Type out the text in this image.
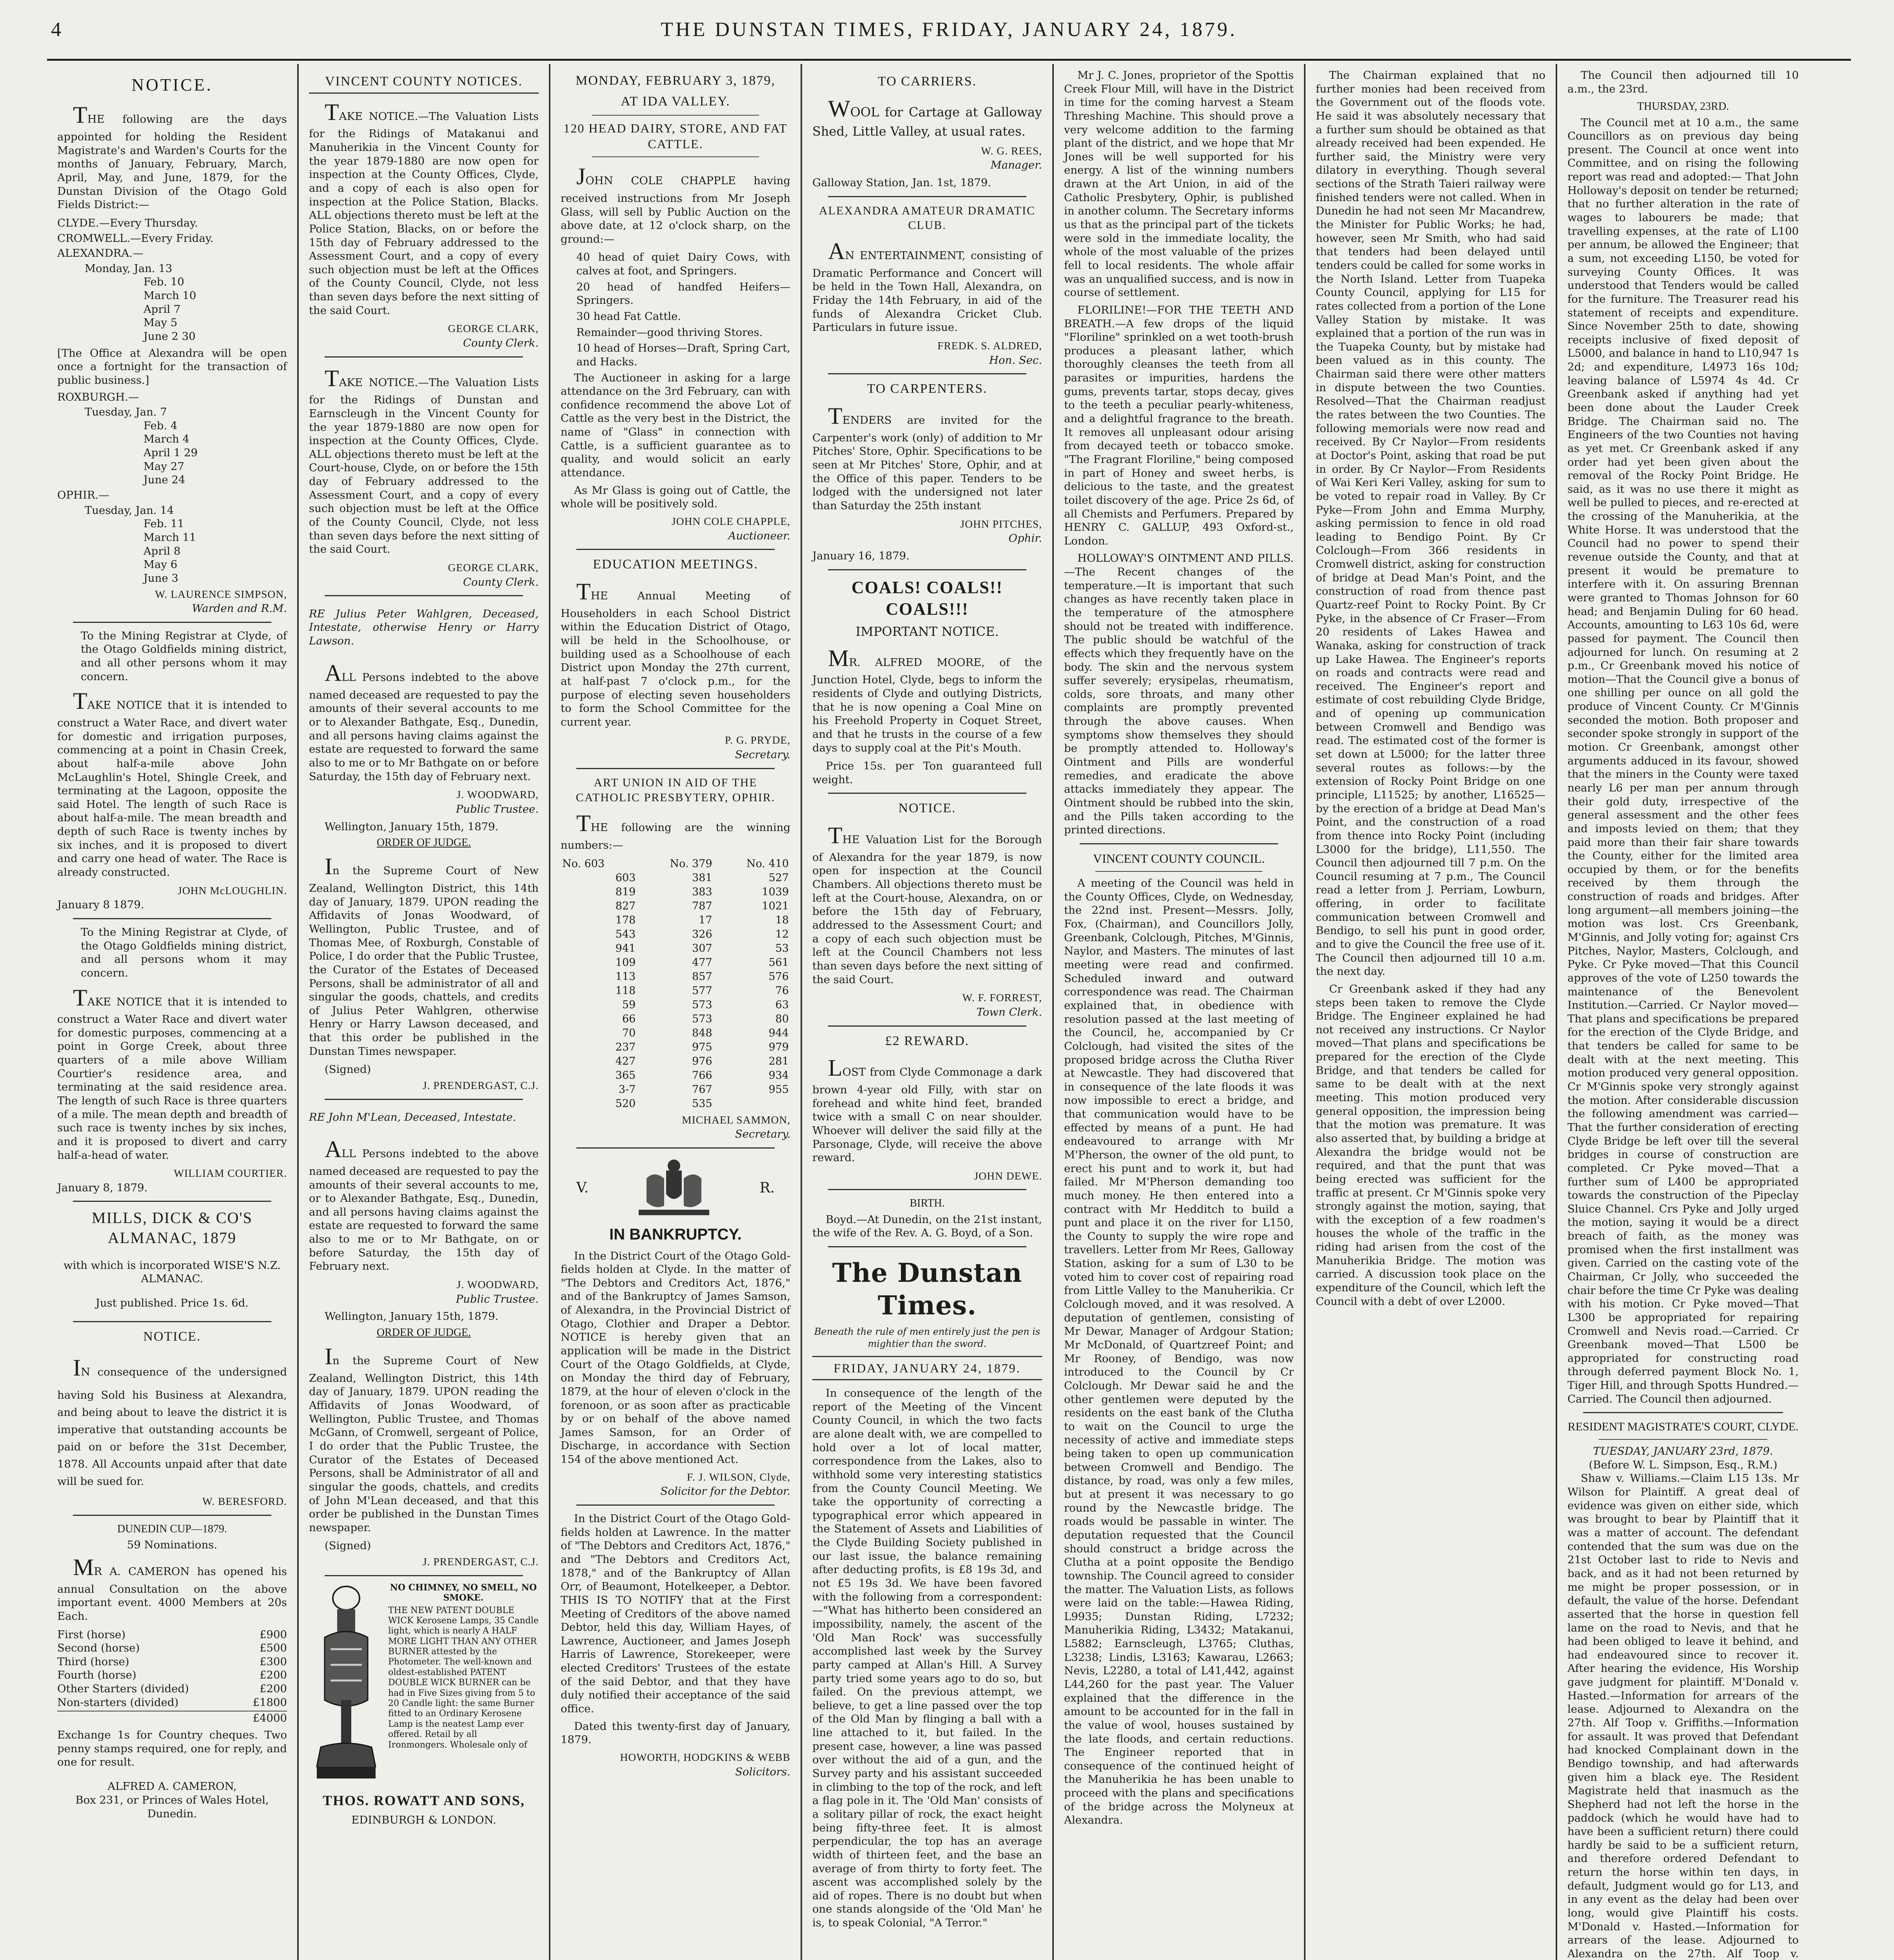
4	THE DUNSTAN TIMES, FRIDAY, JANUARY 24, 1879.
NOTICE.

THE following are the days appointed for holding the Resident Magistrate's and Warden's Courts for the months of January, February, March, April, May, and June, 1879, for the Dunstan Division of the Otago Gold Fields District:—

CLYDE.—Every Thursday.

CROMWELL.—Every Friday.

ALEXANDRA.—

Monday, Jan. 13
Feb. 10
March 10
April 7
May 5
June 2 30

[The Office at Alexandra will be open once a fortnight for the transaction of public business.]

ROXBURGH.—

Tuesday, Jan. 7
Feb. 4
March 4
April 1 29
May 27
June 24

OPHIR.—

Tuesday, Jan. 14
Feb. 11
March 11
April 8
May 6
June 3
W. LAURENCE SIMPSON,
Warden and R.M.

To the Mining Registrar at Clyde, of the Otago Goldfields mining district, and all other persons whom it may concern.

TAKE NOTICE that it is intended to construct a Water Race, and divert water for domestic and irrigation purposes, commencing at a point in Chasin Creek, about half-a-mile above John McLaughlin's Hotel, Shingle Creek, and terminating at the Lagoon, opposite the said Hotel. The length of such Race is about half-a-mile. The mean breadth and depth of such Race is twenty inches by six inches, and it is proposed to divert and carry one head of water. The Race is already constructed.

JOHN McLOUGHLIN.
January 8 1879.

To the Mining Registrar at Clyde, of the Otago Goldfields mining district, and all persons whom it may concern.

TAKE NOTICE that it is intended to construct a Water Race and divert water for domestic purposes, commencing at a point in Gorge Creek, about three quarters of a mile above William Courtier's residence area, and terminating at the said residence area. The length of such Race is three quarters of a mile. The mean depth and breadth of such race is twenty inches by six inches, and it is proposed to divert and carry half-a-head of water.

WILLIAM COURTIER.
January 8, 1879.
MILLS, DICK & CO'S ALMANAC, 1879

with which is incorporated WISE'S N.Z. ALMANAC.

Just published. Price 1s. 6d.

NOTICE.

IN consequence of the undersigned having Sold his Business at Alexandra, and being about to leave the district it is imperative that outstanding accounts be paid on or before the 31st December, 1878. All Accounts unpaid after that date will be sued for.

W. BERESFORD.
DUNEDIN CUP—1879.

59 Nominations.

MR A. CAMERON has opened his annual Consultation on the above important event. 4000 Members at 20s Each.

First (horse)	£900
Second (horse)	£500
Third (horse)	£300
Fourth (horse)	£200
Other Starters (divided)	£200
Non-starters (divided)	£1800
£4000

Exchange 1s for Country cheques. Two penny stamps required, one for reply, and one for result.

ALFRED A. CAMERON,
Box 231, or Princes of Wales Hotel, Dunedin.
VINCENT COUNTY NOTICES.

TAKE NOTICE.—The Valuation Lists for the Ridings of Matakanui and Manuherikia in the Vincent County for the year 1879-1880 are now open for inspection at the County Offices, Clyde, and a copy of each is also open for inspection at the Police Station, Blacks. ALL objections thereto must be left at the Police Station, Blacks, on or before the 15th day of February addressed to the Assessment Court, and a copy of every such objection must be left at the Offices of the County Council, Clyde, not less than seven days before the next sitting of the said Court.

GEORGE CLARK,
County Clerk.

TAKE NOTICE.—The Valuation Lists for the Ridings of Dunstan and Earnscleugh in the Vincent County for the year 1879-1880 are now open for inspection at the County Offices, Clyde. ALL objections thereto must be left at the Court-house, Clyde, on or before the 15th day of February addressed to the Assessment Court, and a copy of every such objection must be left at the Office of the County Council, Clyde, not less than seven days before the next sitting of the said Court.

GEORGE CLARK,
County Clerk.

RE Julius Peter Wahlgren, Deceased, Intestate, otherwise Henry or Harry Lawson.

ALL Persons indebted to the above named deceased are requested to pay the amounts of their several accounts to me or to Alexander Bathgate, Esq., Dunedin, and all persons having claims against the estate are requested to forward the same also to me or to Mr Bathgate on or before Saturday, the 15th day of February next.

J. WOODWARD,
Public Trustee.
Wellington, January 15th, 1879.
ORDER OF JUDGE.

In the Supreme Court of New Zealand, Wellington District, this 14th day of January, 1879. UPON reading the Affidavits of Jonas Woodward, of Wellington, Public Trustee, and of Thomas Mee, of Roxburgh, Constable of Police, I do order that the Public Trustee, the Curator of the Estates of Deceased Persons, shall be administrator of all and singular the goods, chattels, and credits of Julius Peter Wahlgren, otherwise Henry or Harry Lawson deceased, and that this order be published in the Dunstan Times newspaper.

(Signed)
J. PRENDERGAST, C.J.

RE John M'Lean, Deceased, Intestate.

ALL Persons indebted to the above named deceased are requested to pay the amounts of their several accounts to me, or to Alexander Bathgate, Esq., Dunedin, and all persons having claims against the estate are requested to forward the same also to me or to Mr Bathgate, on or before Saturday, the 15th day of February next.

J. WOODWARD,
Public Trustee.
Wellington, January 15th, 1879.
ORDER OF JUDGE.

In the Supreme Court of New Zealand, Wellington District, this 14th day of January, 1879. UPON reading the Affidavits of Jonas Woodward, of Wellington, Public Trustee, and Thomas McGann, of Cromwell, sergeant of Police, I do order that the Public Trustee, the Curator of the Estates of Deceased Persons, shall be Administrator of all and singular the goods, chattels, and credits of John M'Lean deceased, and that this order be published in the Dunstan Times newspaper.

(Signed)
J. PRENDERGAST, C.J.
NO CHIMNEY, NO SMELL, NO SMOKE.
THE NEW PATENT DOUBLE WICK Kerosene Lamps, 35 Candle light, which is nearly A HALF MORE LIGHT THAN ANY OTHER BURNER attested by the Photometer. The well-known and oldest-established PATENT DOUBLE WICK BURNER can be had in Five Sizes giving from 5 to 20 Candle light: the same Burner fitted to an Ordinary Kerosene Lamp is the neatest Lamp ever offered. Retail by all Ironmongers. Wholesale only of
THOS. ROWATT AND SONS,
EDINBURGH & LONDON.
MONDAY, FEBRUARY 3, 1879,
AT IDA VALLEY.
120 HEAD DAIRY, STORE, AND FAT CATTLE.

JOHN COLE CHAPPLE having received instructions from Mr Joseph Glass, will sell by Public Auction on the above date, at 12 o'clock sharp, on the ground:—

40 head of quiet Dairy Cows, with calves at foot, and Springers.

20 head of handfed Heifers—Springers.

30 head Fat Cattle.

Remainder—good thriving Stores.

10 head of Horses—Draft, Spring Cart, and Hacks.

The Auctioneer in asking for a large attendance on the 3rd February, can with confidence recommend the above Lot of Cattle as the very best in the District, the name of "Glass" in connection with Cattle, is a sufficient guarantee as to quality, and would solicit an early attendance.

As Mr Glass is going out of Cattle, the whole will be positively sold.

JOHN COLE CHAPPLE,
Auctioneer.
EDUCATION MEETINGS.

THE Annual Meeting of Householders in each School District within the Education District of Otago, will be held in the Schoolhouse, or building used as a Schoolhouse of each District upon Monday the 27th current, at half-past 7 o'clock p.m., for the purpose of electing seven householders to form the School Committee for the current year.

P. G. PRYDE,
Secretary.
ART UNION IN AID OF THE CATHOLIC PRESBYTERY, OPHIR.

THE following are the winning numbers:—

No. 603	No. 379	No. 410
603	381	527
819	383	1039
827	787	1021
178	17	18
543	326	12
941	307	53
109	477	561
113	857	576
118	577	76
59	573	63
66	573	80
70	848	944
237	975	979
427	976	281
365	766	934
3-7	767	955
520	535	
MICHAEL SAMMON,
Secretary.
V.	R.
IN BANKRUPTCY.

In the District Court of the Otago Gold-fields holden at Clyde. In the matter of "The Debtors and Creditors Act, 1876," and of the Bankruptcy of James Samson, of Alexandra, in the Provincial District of Otago, Clothier and Draper a Debtor. NOTICE is hereby given that an application will be made in the District Court of the Otago Goldfields, at Clyde, on Monday the third day of February, 1879, at the hour of eleven o'clock in the forenoon, or as soon after as practicable by or on behalf of the above named James Samson, for an Order of Discharge, in accordance with Section 154 of the above mentioned Act.

F. J. WILSON, Clyde,
Solicitor for the Debtor.

In the District Court of the Otago Gold-fields holden at Lawrence. In the matter of "The Debtors and Creditors Act, 1876," and "The Debtors and Creditors Act, 1878," and of the Bankruptcy of Allan Orr, of Beaumont, Hotelkeeper, a Debtor. THIS IS TO NOTIFY that at the First Meeting of Creditors of the above named Debtor, held this day, William Hayes, of Lawrence, Auctioneer, and James Joseph Harris of Lawrence, Storekeeper, were elected Creditors' Trustees of the estate of the said Debtor, and that they have duly notified their acceptance of the said office.

Dated this twenty-first day of January, 1879.

HOWORTH, HODGKINS & WEBB
Solicitors.
TO CARRIERS.

WOOL for Cartage at Galloway Shed, Little Valley, at usual rates.

W. G. REES,
Manager.
Galloway Station, Jan. 1st, 1879.
ALEXANDRA AMATEUR DRAMATIC CLUB.

AN ENTERTAINMENT, consisting of Dramatic Performance and Concert will be held in the Town Hall, Alexandra, on Friday the 14th February, in aid of the funds of Alexandra Cricket Club. Particulars in future issue.

FREDK. S. ALDRED,
Hon. Sec.
TO CARPENTERS.

TENDERS are invited for the Carpenter's work (only) of addition to Mr Pitches' Store, Ophir. Specifications to be seen at Mr Pitches' Store, Ophir, and at the Office of this paper. Tenders to be lodged with the undersigned not later than Saturday the 25th instant

JOHN PITCHES,
Ophir.
January 16, 1879.
COALS! COALS!! COALS!!!
IMPORTANT NOTICE.

MR. ALFRED MOORE, of the Junction Hotel, Clyde, begs to inform the residents of Clyde and outlying Districts, that he is now opening a Coal Mine on his Freehold Property in Coquet Street, and that he trusts in the course of a few days to supply coal at the Pit's Mouth.

Price 15s. per Ton guaranteed full weight.

NOTICE.

THE Valuation List for the Borough of Alexandra for the year 1879, is now open for inspection at the Council Chambers. All objections thereto must be left at the Court-house, Alexandra, on or before the 15th day of February, addressed to the Assessment Court; and a copy of each such objection must be left at the Council Chambers not less than seven days before the next sitting of the said Court.

W. F. FORREST,
Town Clerk.
£2 REWARD.

LOST from Clyde Commonage a dark brown 4-year old Filly, with star on forehead and white hind feet, branded twice with a small C on near shoulder. Whoever will deliver the said filly at the Parsonage, Clyde, will receive the above reward.

JOHN DEWE.
BIRTH.

Boyd.—At Dunedin, on the 21st instant, the wife of the Rev. A. G. Boyd, of a Son.

The Dunstan Times.
Beneath the rule of men entirely just the pen is mightier than the sword.
FRIDAY, JANUARY 24, 1879.

In consequence of the length of the report of the Meeting of the Vincent County Council, in which the two facts are alone dealt with, we are compelled to hold over a lot of local matter, correspondence from the Lakes, also to withhold some very interesting statistics from the County Council Meeting. We take the opportunity of correcting a typographical error which appeared in the Statement of Assets and Liabilities of the Clyde Building Society published in our last issue, the balance remaining after deducting profits, is £8 19s 3d, and not £5 19s 3d. We have been favored with the following from a correspondent:—"What has hitherto been considered an impossibility, namely, the ascent of the 'Old Man Rock' was successfully accomplished last week by the Survey party camped at Allan's Hill. A Survey party tried some years ago to do so, but failed. On the previous attempt, we believe, to get a line passed over the top of the Old Man by flinging a ball with a line attached to it, but failed. In the present case, however, a line was passed over without the aid of a gun, and the Survey party and his assistant succeeded in climbing to the top of the rock, and left a flag pole in it. The 'Old Man' consists of a solitary pillar of rock, the exact height being fifty-three feet. It is almost perpendicular, the top has an average width of thirteen feet, and the base an average of from thirty to forty feet. The ascent was accomplished solely by the aid of ropes. There is no doubt but when one stands alongside of the 'Old Man' he is, to speak Colonial, "A Terror."

Mr J. C. Jones, proprietor of the Spottis Creek Flour Mill, will have in the District in time for the coming harvest a Steam Threshing Machine. This should prove a very welcome addition to the farming plant of the district, and we hope that Mr Jones will be well supported for his energy. A list of the winning numbers drawn at the Art Union, in aid of the Catholic Presbytery, Ophir, is published in another column. The Secretary informs us that as the principal part of the tickets were sold in the immediate locality, the whole of the most valuable of the prizes fell to local residents. The whole affair was an unqualified success, and is now in course of settlement.

FLORILINE!—FOR THE TEETH AND BREATH.—A few drops of the liquid "Floriline" sprinkled on a wet tooth-brush produces a pleasant lather, which thoroughly cleanses the teeth from all parasites or impurities, hardens the gums, prevents tartar, stops decay, gives to the teeth a peculiar pearly-whiteness, and a delightful fragrance to the breath. It removes all unpleasant odour arising from decayed teeth or tobacco smoke. "The Fragrant Floriline," being composed in part of Honey and sweet herbs, is delicious to the taste, and the greatest toilet discovery of the age. Price 2s 6d, of all Chemists and Perfumers. Prepared by HENRY C. GALLUP, 493 Oxford-st., London.

HOLLOWAY'S OINTMENT AND PILLS.—The Recent changes of the temperature.—It is important that such changes as have recently taken place in the temperature of the atmosphere should not be treated with indifference. The public should be watchful of the effects which they frequently have on the body. The skin and the nervous system suffer severely; erysipelas, rheumatism, colds, sore throats, and many other complaints are promptly prevented through the above causes. When symptoms show themselves they should be promptly attended to. Holloway's Ointment and Pills are wonderful remedies, and eradicate the above attacks immediately they appear. The Ointment should be rubbed into the skin, and the Pills taken according to the printed directions.

VINCENT COUNTY COUNCIL.

A meeting of the Council was held in the County Offices, Clyde, on Wednesday, the 22nd inst. Present—Messrs. Jolly, Fox, (Chairman), and Councillors Jolly, Greenbank, Colclough, Pitches, M'Ginnis, Naylor, and Masters. The minutes of last meeting were read and confirmed. Scheduled inward and outward correspondence was read. The Chairman explained that, in obedience with resolution passed at the last meeting of the Council, he, accompanied by Cr Colclough, had visited the sites of the proposed bridge across the Clutha River at Newcastle. They had discovered that in consequence of the late floods it was now impossible to erect a bridge, and that communication would have to be effected by means of a punt. He had endeavoured to arrange with Mr M'Pherson, the owner of the old punt, to erect his punt and to work it, but had failed. Mr M'Pherson demanding too much money. He then entered into a contract with Mr Hedditch to build a punt and place it on the river for L150, the County to supply the wire rope and travellers. Letter from Mr Rees, Galloway Station, asking for a sum of L30 to be voted him to cover cost of repairing road from Little Valley to the Manuherikia. Cr Colclough moved, and it was resolved. A deputation of gentlemen, consisting of Mr Dewar, Manager of Ardgour Station; Mr McDonald, of Quartzreef Point; and Mr Rooney, of Bendigo, was now introduced to the Council by Cr Colclough. Mr Dewar said he and the other gentlemen were deputed by the residents on the east bank of the Clutha to wait on the Council to urge the necessity of active and immediate steps being taken to open up communication between Cromwell and Bendigo. The distance, by road, was only a few miles, but at present it was necessary to go round by the Newcastle bridge. The roads would be passable in winter. The deputation requested that the Council should construct a bridge across the Clutha at a point opposite the Bendigo township. The Council agreed to consider the matter. The Valuation Lists, as follows were laid on the table:—Hawea Riding, L9935; Dunstan Riding, L7232; Manuherikia Riding, L3432; Matakanui, L5882; Earnscleugh, L3765; Cluthas, L3238; Lindis, L3163; Kawarau, L2663; Nevis, L2280, a total of L41,442, against L44,260 for the past year. The Valuer explained that the difference in the amount to be accounted for in the fall in the value of wool, houses sustained by the late floods, and certain reductions. The Engineer reported that in consequence of the continued height of the Manuherikia he has been unable to proceed with the plans and specifications of the bridge across the Molyneux at Alexandra.

The Chairman explained that no further monies had been received from the Government out of the floods vote. He said it was absolutely necessary that a further sum should be obtained as that already received had been expended. He further said, the Ministry were very dilatory in everything. Though several sections of the Strath Taieri railway were finished tenders were not called. When in Dunedin he had not seen Mr Macandrew, the Minister for Public Works; he had, however, seen Mr Smith, who had said that tenders had been delayed until tenders could be called for some works in the North Island. Letter from Tuapeka County Council, applying for L15 for rates collected from a portion of the Lone Valley Station by mistake. It was explained that a portion of the run was in the Tuapeka County, but by mistake had been valued as in this county. The Chairman said there were other matters in dispute between the two Counties. Resolved—That the Chairman readjust the rates between the two Counties. The following memorials were now read and received. By Cr Naylor—From residents at Doctor's Point, asking that road be put in order. By Cr Naylor—From Residents of Wai Keri Keri Valley, asking for sum to be voted to repair road in Valley. By Cr Pyke—From John and Emma Murphy, asking permission to fence in old road leading to Bendigo Point. By Cr Colclough—From 366 residents in Cromwell district, asking for construction of bridge at Dead Man's Point, and the construction of road from thence past Quartz-reef Point to Rocky Point. By Cr Pyke, in the absence of Cr Fraser—From 20 residents of Lakes Hawea and Wanaka, asking for construction of track up Lake Hawea. The Engineer's reports on roads and contracts were read and received. The Engineer's report and estimate of cost rebuilding Clyde Bridge, and of opening up communication between Cromwell and Bendigo was read. The estimated cost of the former is set down at L5000; for the latter three several routes as follows:—by the extension of Rocky Point Bridge on one principle, L11525; by another, L16525—by the erection of a bridge at Dead Man's Point, and the construction of a road from thence into Rocky Point (including L3000 for the bridge), L11,550. The Council then adjourned till 7 p.m. On the Council resuming at 7 p.m., The Council read a letter from J. Perriam, Lowburn, offering, in order to facilitate communication between Cromwell and Bendigo, to sell his punt in good order, and to give the Council the free use of it. The Council then adjourned till 10 a.m. the next day.

Cr Greenbank asked if they had any steps been taken to remove the Clyde Bridge. The Engineer explained he had not received any instructions. Cr Naylor moved—That plans and specifications be prepared for the erection of the Clyde Bridge, and that tenders be called for same to be dealt with at the next meeting. This motion produced very general opposition, the impression being that the motion was premature. It was also asserted that, by building a bridge at Alexandra the bridge would not be required, and that the punt that was being erected was sufficient for the traffic at present. Cr M'Ginnis spoke very strongly against the motion, saying, that with the exception of a few roadmen's houses the whole of the traffic in the riding had arisen from the cost of the Manuherikia Bridge. The motion was carried. A discussion took place on the expenditure of the Council, which left the Council with a debt of over L2000.

The Council then adjourned till 10 a.m., the 23rd.

THURSDAY, 23RD.

The Council met at 10 a.m., the same Councillors as on previous day being present. The Council at once went into Committee, and on rising the following report was read and adopted:— That John Holloway's deposit on tender be returned; that no further alteration in the rate of wages to labourers be made; that travelling expenses, at the rate of L100 per annum, be allowed the Engineer; that a sum, not exceeding L150, be voted for surveying County Offices. It was understood that Tenders would be called for the furniture. The Treasurer read his statement of receipts and expenditure. Since November 25th to date, showing receipts inclusive of fixed deposit of L5000, and balance in hand to L10,947 1s 2d; and expenditure, L4973 16s 10d; leaving balance of L5974 4s 4d. Cr Greenbank asked if anything had yet been done about the Lauder Creek Bridge. The Chairman said no. The Engineers of the two Counties not having as yet met. Cr Greenbank asked if any order had yet been given about the removal of the Rocky Point Bridge. He said, as it was no use there it might as well be pulled to pieces, and re-erected at the crossing of the Manuherikia, at the White Horse. It was understood that the Council had no power to spend their revenue outside the County, and that at present it would be premature to interfere with it. On assuring Brennan were granted to Thomas Johnson for 60 head; and Benjamin Duling for 60 head. Accounts, amounting to L63 10s 6d, were passed for payment. The Council then adjourned for lunch. On resuming at 2 p.m., Cr Greenbank moved his notice of motion—That the Council give a bonus of one shilling per ounce on all gold the produce of Vincent County. Cr M'Ginnis seconded the motion. Both proposer and seconder spoke strongly in support of the motion. Cr Greenbank, amongst other arguments adduced in its favour, showed that the miners in the County were taxed nearly L6 per man per annum through their gold duty, irrespective of the general assessment and the other fees and imposts levied on them; that they paid more than their fair share towards the County, either for the limited area occupied by them, or for the benefits received by them through the construction of roads and bridges. After long argument—all members joining—the motion was lost. Crs Greenbank, M'Ginnis, and Jolly voting for; against Crs Pitches, Naylor, Masters, Colclough, and Pyke. Cr Pyke moved—That this Council approves of the vote of L250 towards the maintenance of the Benevolent Institution.—Carried. Cr Naylor moved—That plans and specifications be prepared for the erection of the Clyde Bridge, and that tenders be called for same to be dealt with at the next meeting. This motion produced very general opposition. Cr M'Ginnis spoke very strongly against the motion. After considerable discussion the following amendment was carried—That the further consideration of erecting Clyde Bridge be left over till the several bridges in course of construction are completed. Cr Pyke moved—That a further sum of L400 be appropriated towards the construction of the Pipeclay Sluice Channel. Crs Pyke and Jolly urged the motion, saying it would be a direct breach of faith, as the money was promised when the first installment was given. Carried on the casting vote of the Chairman, Cr Jolly, who succeeded the chair before the time Cr Pyke was dealing with his motion. Cr Pyke moved—That L300 be appropriated for repairing Cromwell and Nevis road.—Carried. Cr Greenbank moved—That L500 be appropriated for constructing road through deferred payment Block No. 1, Tiger Hill, and through Spotts Hundred.—Carried. The Council then adjourned.

RESIDENT MAGISTRATE'S COURT, CLYDE.
TUESDAY, JANUARY 23rd, 1879.
(Before W. L. Simpson, Esq., R.M.)

Shaw v. Williams.—Claim L15 13s. Mr Wilson for Plaintiff. A great deal of evidence was given on either side, which was brought to bear by Plaintiff that it was a matter of account. The defendant contended that the sum was due on the 21st October last to ride to Nevis and back, and as it had not been returned by me might be proper possession, or in default, the value of the horse. Defendant asserted that the horse in question fell lame on the road to Nevis, and that he had been obliged to leave it behind, and had endeavoured since to recover it. After hearing the evidence, His Worship gave judgment for plaintiff. M'Donald v. Hasted.—Information for arrears of the lease. Adjourned to Alexandra on the 27th. Alf Toop v. Griffiths.—Information for assault. It was proved that Defendant had knocked Complainant down in the Bendigo township, and had afterwards given him a black eye. The Resident Magistrate held that inasmuch as the Shepherd had not left the horse in the paddock (which he would have had to have been a sufficient return) there could hardly be said to be a sufficient return, and therefore ordered Defendant to return the horse within ten days, in default, Judgment would go for L13, and in any event as the delay had been over long, would give Plaintiff his costs. M'Donald v. Hasted.—Information for arrears of the lease. Adjourned to Alexandra on the 27th. Alf Toop v.
